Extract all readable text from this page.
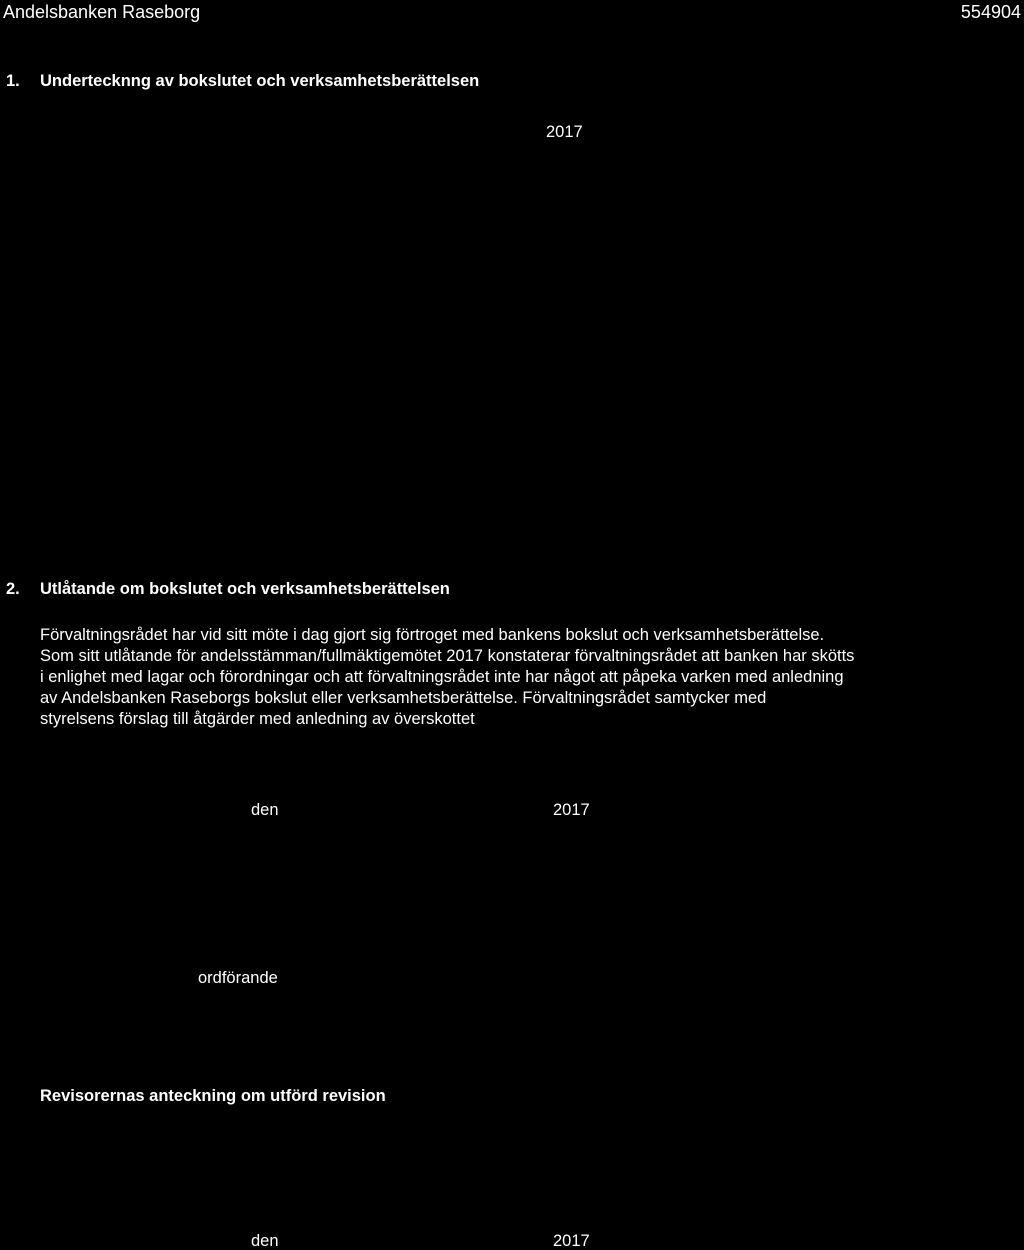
Andelsbanken Raseborg	554904
1. Undertecknng av bokslutet och verksamhetsberättelsen
2017
2. Utlåtande om bokslutet och verksamhetsberättelsen
Förvaltningsrådet har vid sitt möte i dag gjort sig förtroget med bankens bokslut och verksamhetsberättelse.
Som sitt utlåtande för andelsstämman/fullmäktigemötet 2017 konstaterar förvaltningsrådet att banken har skötts
i enlighet med lagar och förordningar och att förvaltningsrådet inte har något att påpeka varken med anledning
av Andelsbanken Raseborgs bokslut eller verksamhetsberättelse. Förvaltningsrådet samtycker med
styrelsens förslag till åtgärder med anledning av överskottet
den	2017
ordförande
Revisorernas anteckning om utförd revision
den	2017
